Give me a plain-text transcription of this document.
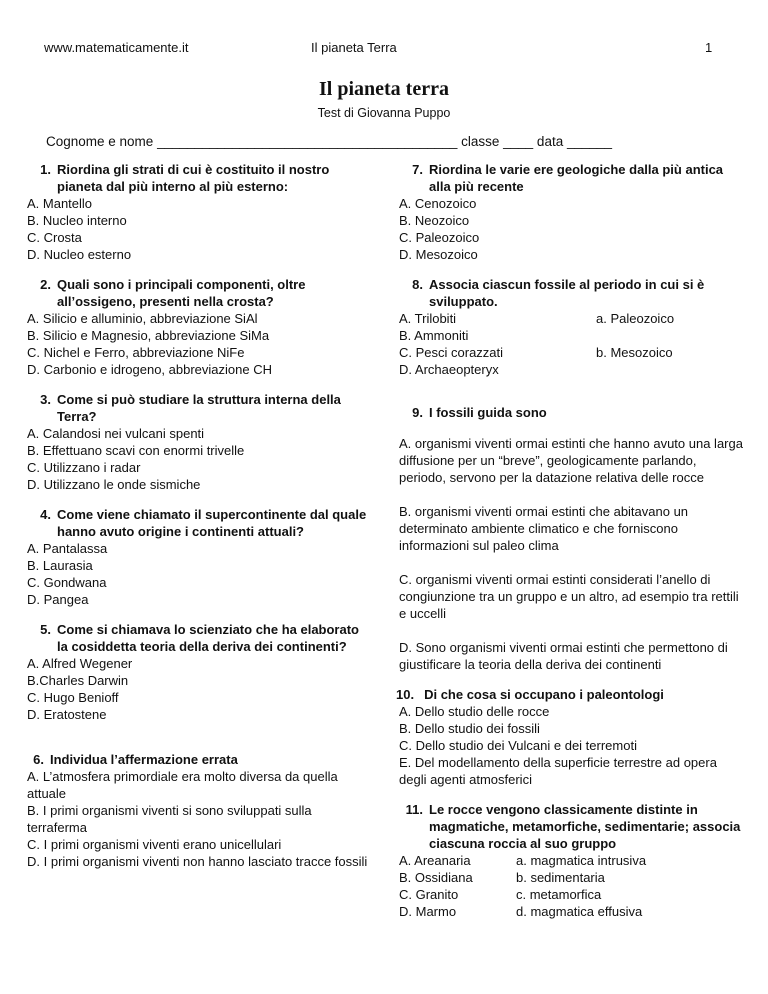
www.matematicamente.it	Il pianeta Terra	1
Il pianeta terra
Test di Giovanna Puppo
Cognome e nome ________________________________________ classe ____ data ______
1. Riordina gli strati di cui è costituito il nostro pianeta dal più interno al più esterno:
A. Mantello
B. Nucleo interno
C. Crosta
D. Nucleo esterno
2. Quali sono i principali componenti, oltre all’ossigeno, presenti nella crosta?
A. Silicio e alluminio, abbreviazione SiAl
B. Silicio e Magnesio, abbreviazione SiMa
C. Nichel e Ferro, abbreviazione NiFe
D. Carbonio e idrogeno, abbreviazione CH
3. Come si può studiare la struttura interna della Terra?
A. Calandosi nei vulcani spenti
B. Effettuano scavi con enormi trivelle
C. Utilizzano i radar
D. Utilizzano le onde sismiche
4. Come viene chiamato il supercontinente dal quale hanno avuto origine i continenti attuali?
A. Pantalassa
B. Laurasia
C. Gondwana
D. Pangea
5. Come si chiamava lo scienziato che ha elaborato la cosiddetta teoria della deriva dei continenti?
A. Alfred Wegener
B.Charles Darwin
C. Hugo Benioff
D. Eratostene
6. Individua l’affermazione errata
A. L’atmosfera primordiale era molto diversa da quella attuale
B. I primi organismi viventi si sono sviluppati sulla terraferma
C. I primi organismi viventi erano unicellulari
D. I primi organismi viventi non hanno lasciato tracce fossili
7. Riordina le varie ere geologiche dalla più antica alla più recente
A. Cenozoico
B. Neozoico
C. Paleozoico
D. Mesozoico
8. Associa ciascun fossile al periodo in cui si è sviluppato.
A. Trilobiti	a. Paleozoico
B. Ammoniti
C. Pesci corazzati	b. Mesozoico
D. Archaeopteryx
9. I fossili guida sono
A. organismi viventi ormai estinti che hanno avuto una larga diffusione per un “breve”, geologicamente parlando, periodo, servono per la datazione relativa delle rocce
B. organismi viventi ormai estinti che abitavano un determinato ambiente climatico e che forniscono informazioni sul paleo clima
C. organismi viventi ormai estinti considerati l’anello di congiunzione tra un gruppo e un altro, ad esempio tra rettili e uccelli
D. Sono organismi viventi ormai estinti che permettono di giustificare la teoria della deriva dei continenti
10. Di che cosa si occupano i paleontologi
A. Dello studio delle rocce
B. Dello studio dei fossili
C. Dello studio dei Vulcani e dei terremoti
E. Del modellamento della superficie terrestre ad opera degli agenti atmosferici
11. Le rocce vengono classicamente distinte in magmatiche, metamorfiche, sedimentarie; associa ciascuna roccia al suo gruppo
A. Areanaria	a. magmatica intrusiva
B. Ossidiana	b. sedimentaria
C. Granito	c. metamorfica
D. Marmo	d. magmatica effusiva
